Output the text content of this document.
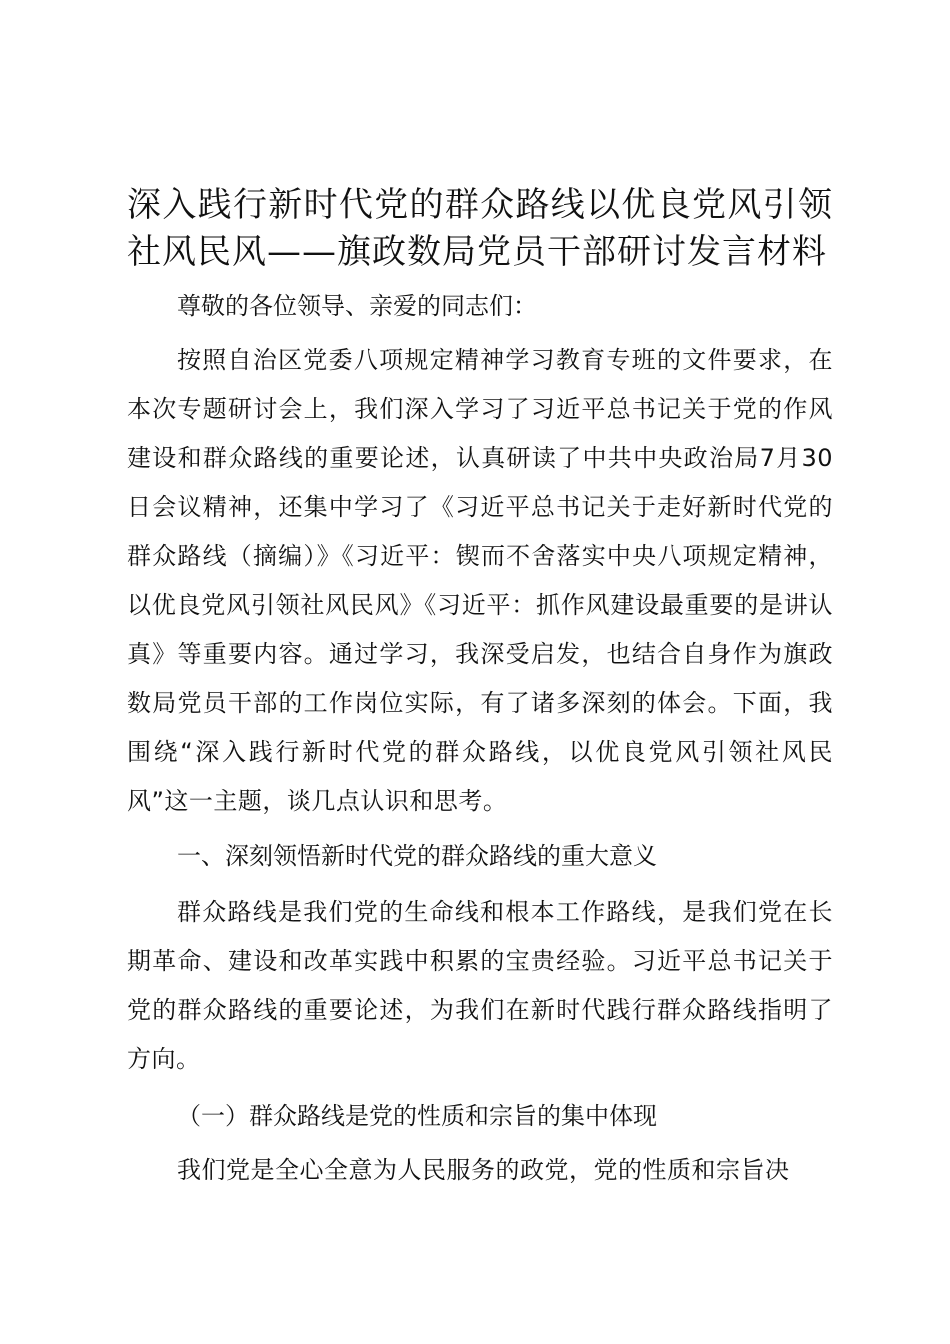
深入践行新时代党的群众路线以优良党风引领社风民风——旗政数局党员干部研讨发言材料

尊敬的各位领导、亲爱的同志们：

按照自治区党委八项规定精神学习教育专班的文件要求，在本次专题研讨会上，我们深入学习了习近平总书记关于党的作风建设和群众路线的重要论述，认真研读了中共中央政治局7月30日会议精神，还集中学习了《习近平总书记关于走好新时代党的群众路线（摘编）》《习近平：锲而不舍落实中央八项规定精神，以优良党风引领社风民风》《习近平：抓作风建设最重要的是讲认真》等重要内容。通过学习，我深受启发，也结合自身作为旗政数局党员干部的工作岗位实际，有了诸多深刻的体会。下面，我围绕“深入践行新时代党的群众路线，以优良党风引领社风民风”这一主题，谈几点认识和思考。

一、深刻领悟新时代党的群众路线的重大意义

群众路线是我们党的生命线和根本工作路线，是我们党在长期革命、建设和改革实践中积累的宝贵经验。习近平总书记关于党的群众路线的重要论述，为我们在新时代践行群众路线指明了方向。

（一）群众路线是党的性质和宗旨的集中体现

我们党是全心全意为人民服务的政党，党的性质和宗旨决
